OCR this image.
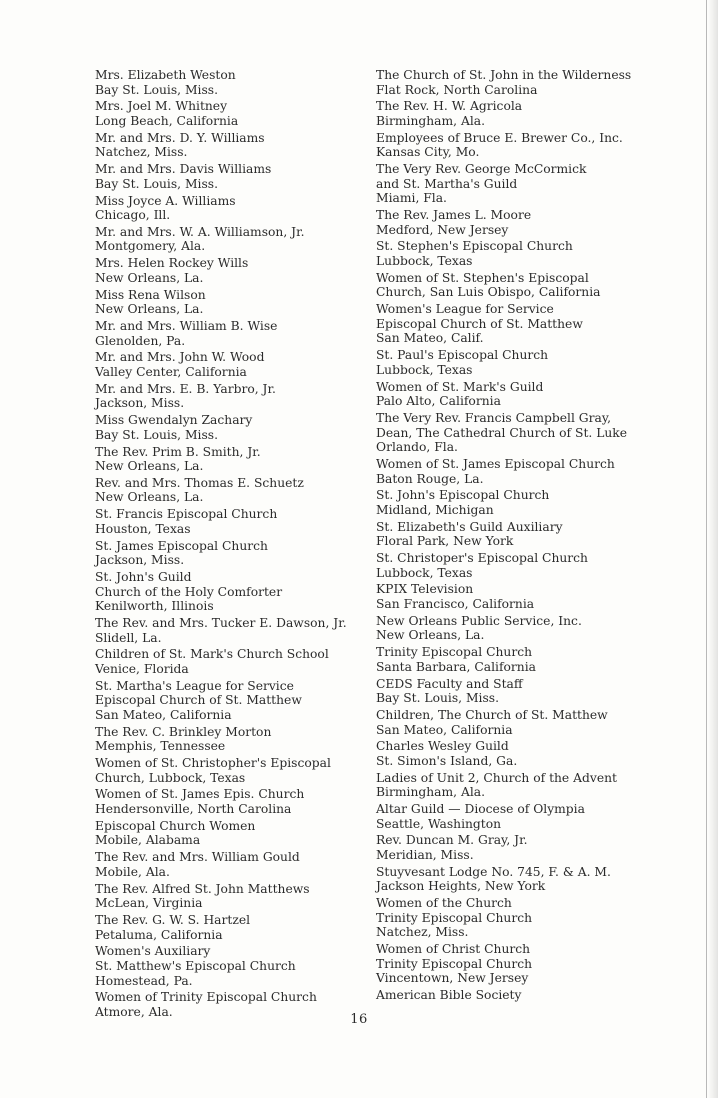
Mrs. Elizabeth Weston
Bay St. Louis, Miss.
Mrs. Joel M. Whitney
Long Beach, California
Mr. and Mrs. D. Y. Williams
Natchez, Miss.
Mr. and Mrs. Davis Williams
Bay St. Louis, Miss.
Miss Joyce A. Williams
Chicago, Ill.
Mr. and Mrs. W. A. Williamson, Jr.
Montgomery, Ala.
Mrs. Helen Rockey Wills
New Orleans, La.
Miss Rena Wilson
New Orleans, La.
Mr. and Mrs. William B. Wise
Glenolden, Pa.
Mr. and Mrs. John W. Wood
Valley Center, California
Mr. and Mrs. E. B. Yarbro, Jr.
Jackson, Miss.
Miss Gwendalyn Zachary
Bay St. Louis, Miss.
The Rev. Prim B. Smith, Jr.
New Orleans, La.
Rev. and Mrs. Thomas E. Schuetz
New Orleans, La.
St. Francis Episcopal Church
Houston, Texas
St. James Episcopal Church
Jackson, Miss.
St. John's Guild
Church of the Holy Comforter
Kenilworth, Illinois
The Rev. and Mrs. Tucker E. Dawson, Jr.
Slidell, La.
Children of St. Mark's Church School
Venice, Florida
St. Martha's League for Service
Episcopal Church of St. Matthew
San Mateo, California
The Rev. C. Brinkley Morton
Memphis, Tennessee
Women of St. Christopher's Episcopal
Church, Lubbock, Texas
Women of St. James Epis. Church
Hendersonville, North Carolina
Episcopal Church Women
Mobile, Alabama
The Rev. and Mrs. William Gould
Mobile, Ala.
The Rev. Alfred St. John Matthews
McLean, Virginia
The Rev. G. W. S. Hartzel
Petaluma, California
Women's Auxiliary
St. Matthew's Episcopal Church
Homestead, Pa.
Women of Trinity Episcopal Church
Atmore, Ala.
The Church of St. John in the Wilderness
Flat Rock, North Carolina
The Rev. H. W. Agricola
Birmingham, Ala.
Employees of Bruce E. Brewer Co., Inc.
Kansas City, Mo.
The Very Rev. George McCormick
and St. Martha's Guild
Miami, Fla.
The Rev. James L. Moore
Medford, New Jersey
St. Stephen's Episcopal Church
Lubbock, Texas
Women of St. Stephen's Episcopal
Church, San Luis Obispo, California
Women's League for Service
Episcopal Church of St. Matthew
San Mateo, Calif.
St. Paul's Episcopal Church
Lubbock, Texas
Women of St. Mark's Guild
Palo Alto, California
The Very Rev. Francis Campbell Gray,
Dean, The Cathedral Church of St. Luke
Orlando, Fla.
Women of St. James Episcopal Church
Baton Rouge, La.
St. John's Episcopal Church
Midland, Michigan
St. Elizabeth's Guild Auxiliary
Floral Park, New York
St. Christoper's Episcopal Church
Lubbock, Texas
KPIX Television
San Francisco, California
New Orleans Public Service, Inc.
New Orleans, La.
Trinity Episcopal Church
Santa Barbara, California
CEDS Faculty and Staff
Bay St. Louis, Miss.
Children, The Church of St. Matthew
San Mateo, California
Charles Wesley Guild
St. Simon's Island, Ga.
Ladies of Unit 2, Church of the Advent
Birmingham, Ala.
Altar Guild — Diocese of Olympia
Seattle, Washington
Rev. Duncan M. Gray, Jr.
Meridian, Miss.
Stuyvesant Lodge No. 745, F. & A. M.
Jackson Heights, New York
Women of the Church
Trinity Episcopal Church
Natchez, Miss.
Women of Christ Church
Trinity Episcopal Church
Vincentown, New Jersey
American Bible Society
16
